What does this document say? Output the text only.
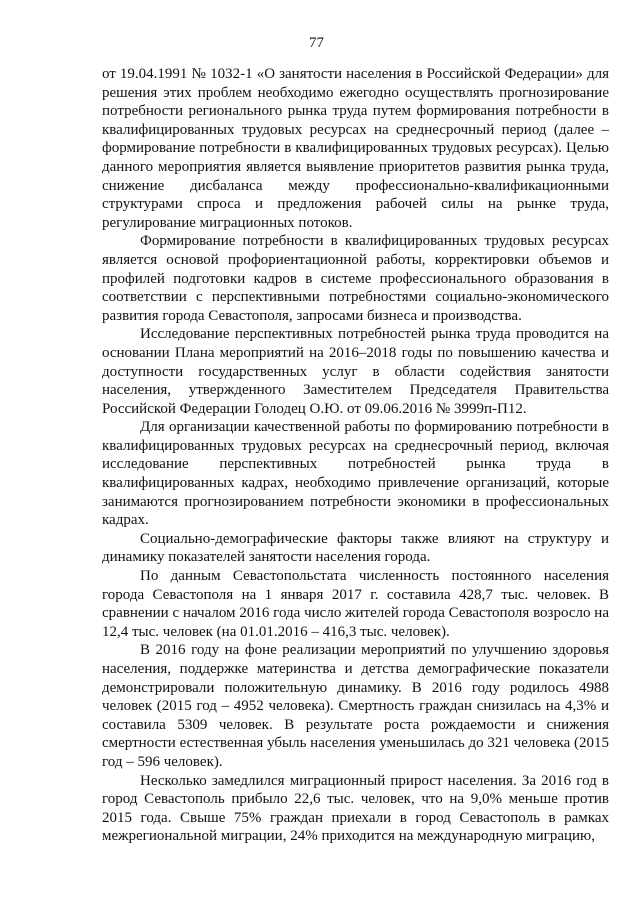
77

от 19.04.1991 № 1032-1 «О занятости населения в Российской Федерации» для решения этих проблем необходимо ежегодно осуществлять прогнозирование потребности регионального рынка труда путем формирования потребности в квалифицированных трудовых ресурсах на среднесрочный период (далее – формирование потребности в квалифицированных трудовых ресурсах). Целью данного мероприятия является выявление приоритетов развития рынка труда, снижение дисбаланса между профессионально-квалификационными структурами спроса и предложения рабочей силы на рынке труда, регулирование миграционных потоков.

Формирование потребности в квалифицированных трудовых ресурсах является основой профориентационной работы, корректировки объемов и профилей подготовки кадров в системе профессионального образования в соответствии с перспективными потребностями социально-экономического развития города Севастополя, запросами бизнеса и производства.

Исследование перспективных потребностей рынка труда проводится на основании Плана мероприятий на 2016–2018 годы по повышению качества и доступности государственных услуг в области содействия занятости населения, утвержденного Заместителем Председателя Правительства Российской Федерации Голодец О.Ю. от 09.06.2016 № 3999п-П12.

Для организации качественной работы по формированию потребности в квалифицированных трудовых ресурсах на среднесрочный период, включая исследование перспективных потребностей рынка труда в квалифицированных кадрах, необходимо привлечение организаций, которые занимаются прогнозированием потребности экономики в профессиональных кадрах.

Социально-демографические факторы также влияют на структуру и динамику показателей занятости населения города.

По данным Севастопольстата численность постоянного населения города Севастополя на 1 января 2017 г. составила 428,7 тыс. человек. В сравнении с началом 2016 года число жителей города Севастополя возросло на 12,4 тыс. человек (на 01.01.2016 – 416,3 тыс. человек).

В 2016 году на фоне реализации мероприятий по улучшению здоровья населения, поддержке материнства и детства демографические показатели демонстрировали положительную динамику. В 2016 году родилось 4988 человек (2015 год – 4952 человека). Смертность граждан снизилась на 4,3% и составила 5309 человек. В результате роста рождаемости и снижения смертности естественная убыль населения уменьшилась до 321 человека (2015 год – 596 человек).

Несколько замедлился миграционный прирост населения. За 2016 год в город Севастополь прибыло 22,6 тыс. человек, что на 9,0% меньше против 2015 года. Свыше 75% граждан приехали в город Севастополь в рамках межрегиональной миграции, 24% приходится на международную миграцию,
